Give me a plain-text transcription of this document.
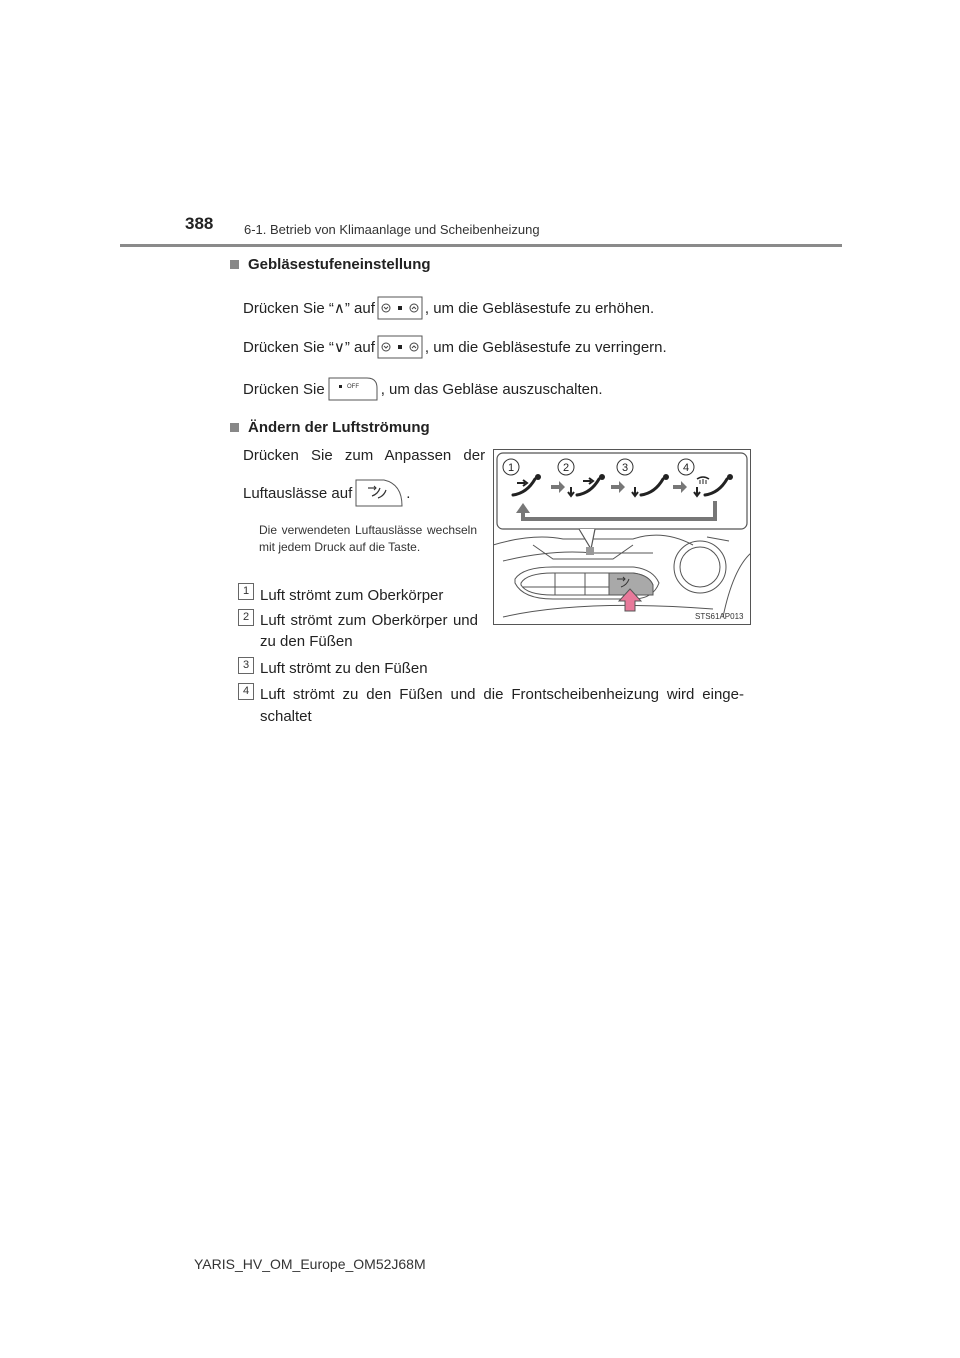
388 6-1. Betrieb von Klimaanlage und Scheibenheizung
Gebläsestufeneinstellung
Drücken Sie “ ∧ ” auf	, um die Gebläsestufe zu erhöhen.
Drücken Sie “ ∨ ” auf	, um die Gebläsestufe zu verringern.
Drücken Sie	OFF , um das Gebläse auszuschalten.
Ändern der Luftströmung
Drücken Sie zum Anpassen der
Luftauslässe auf	.
Die verwendeten Luftauslässe wechseln mit jedem Druck auf die Taste.
1 Luft strömt zum Oberkörper
2 Luft strömt zum Oberkörper und
zu den Füßen
3 Luft strömt zu den Füßen
4 Luft strömt zu den Füßen und die Frontscheibenheizung wird einge-
schaltet
1	2	3	4
STS61AP013
YARIS_HV_OM_Europe_OM52J68M
